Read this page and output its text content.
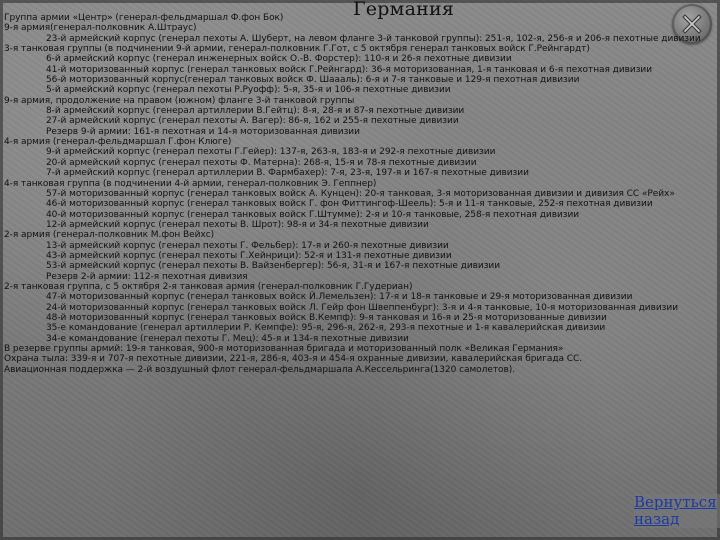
Германия

Группа армии «Центр» (генерал-фельдмаршал Ф.фон Бок)

9-я армия(генерал-полковник А.Штраус)

23-й армейский корпус (генерал пехоты А. Шуберт, на левом фланге 3-й танковой группы): 251-я, 102-я, 256-я и 206-я пехотные дивизии

3-я танковая группы (в подчинении 9-й армии, генерал-полковник Г.Гот, с 5 октября генерал танковых войск Г.Рейнгардт)

6-й армейский корпус (генерал инженерных войск О.-В. Форстер): 110-я и 26-я пехотные дивизии

41-й моторизованный корпус (генерал танковых войск Г.Рейнгард): 36-я моторизованная, 1-я танковая и 6-я пехотная дивизии

56-й моторизованный корпус(генерал танковых войск Ф. Шаааль): 6-я и 7-я танковые и 129-я пехотная дивизии

5-й армейский корпус (генерал пехоты Р.Руофф): 5-я, 35-я и 106-я пехотные дивизии

9-я армия, продолжение на правом (южном) фланге 3-й танковой группы

8-й армейский корпус (генерал артиллерии В.Гейтц): 8-я, 28-я и 87-я пехотные дивизии

27-й армейский корпус (генерал пехоты А. Вагер): 86-я, 162 и 255-я пехотные дивизии

Резерв 9-й армии: 161-я пехотная и 14-я моторизованная дивизии

4-я армия (генерал-фельдмаршал Г.фон Клюге)

9-й армейский корпус (генерал пехоты Г.Гейер): 137-я, 263-я, 183-я и 292-я пехотные дивизии

20-й армейский корпус (генерал пехоты Ф. Матерна): 268-я, 15-я и 78-я пехотные дивизии

7-й армейский корпус (генерал артиллерии В. Фармбахер): 7-я, 23-я, 197-я и 167-я пехотные дивизии

4-я танковая группа (в подчинении 4-й армии, генерал-полковник Э. Геппнер)

57-й моторизованный корпус (генерал танковых войск А. Кунцен): 20-я танковая, 3-я моторизованная дивизии и дивизия СС «Рейх»

46-й моторизованный корпус (генерал танковых войск Г. фон Фиттингоф-Шеель): 5-я и 11-я танковые, 252-я пехотная дивизии

40-й моторизованный корпус (генерал танковых войск Г.Штумме): 2-я и 10-я танковые, 258-я пехотная дивизии

12-й армейский корпус (генерал пехоты В. Шрот): 98-я и 34-я пехотные дивизии

2-я армия (генерал-полковник М.фон Вейхс)

13-й армейский корпус (генерал пехоты Г. Фельбер): 17-я и 260-я пехотные дивизии

43-й армейский корпус (генерал пехоты Г.Хейнрици): 52-я и 131-я пехотные дивизии

53-й армейский корпус (генерал пехоты В. Вайзенбергер): 56-я, 31-я и 167-я пехотные дивизии

Резерв 2-й армии: 112-я пехотная дивизия

2-я танковая группа, с 5 октября 2-я танковая армия (генерал-полковник Г.Гудериан)

47-й моторизованный корпус (генерал танковых войск Й.Лемельзен): 17-я и 18-я танковые и 29-я моторизованная дивизии

24-й моторизованный корпус (генерал танковых войск Л. Гейр фон Швеппенбург): 3-я и 4-я танковые, 10-я моторизованная дивизии

48-й моторизованный корпус (генерал танковых войск В.Кемпф): 9-я танковая и 16-я и 25-я моторизованные дивизии

35-е командование (генерал артиллерии Р. Кемпфе): 95-я, 296-я, 262-я, 293-я пехотные и 1-я кавалерийская дивизии

34-е командование (генерал пехоты Г. Мец): 45-я и 134-я пехотные дивизии

В резерве группы армий: 19-я танковая, 900-я моторизованная бригада и моторизованный полк «Великая Германия»

Охрана тыла: 339-я и 707-я пехотные дивизии, 221-я, 286-я, 403-я и 454-я охранные дивизии, кавалерийская бригада СС.

Авиационная поддержка — 2-й воздушный флот генерал-фельдмаршала А.Кессельринга(1320 самолетов).

Вернуться
назад
